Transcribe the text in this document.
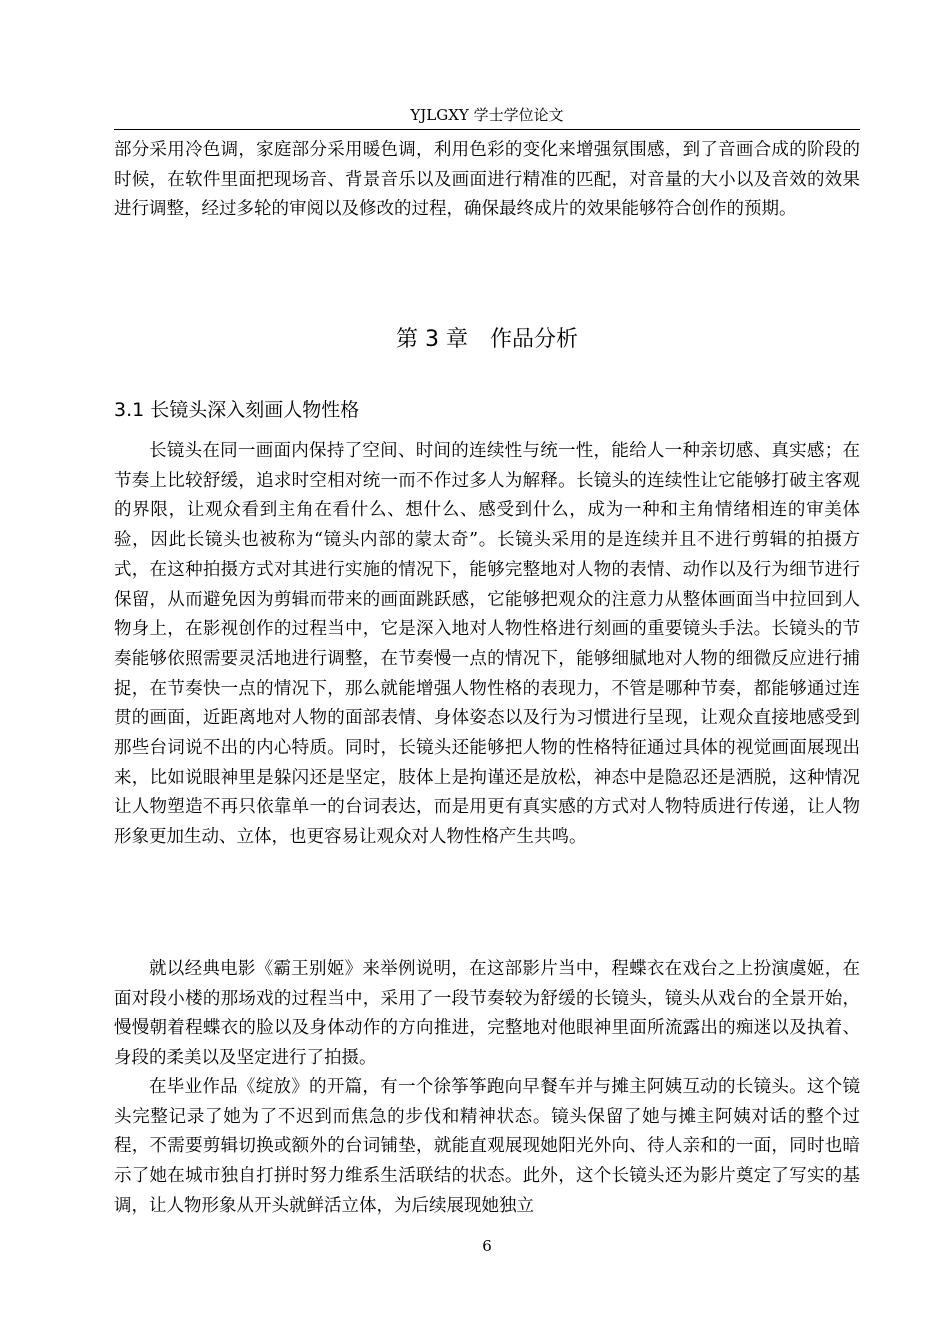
YJLGXY 学士学位论文

部分采用冷色调，家庭部分采用暖色调，利用色彩的变化来增强氛围感，到了音画合成的阶段的时候，在软件里面把现场音、背景音乐以及画面进行精准的匹配，对音量的大小以及音效的效果进行调整，经过多轮的审阅以及修改的过程，确保最终成片的效果能够符合创作的预期。

第 3 章　作品分析
3.1 长镜头深入刻画人物性格

长镜头在同一画面内保持了空间、时间的连续性与统一性，能给人一种亲切感、真实感；在节奏上比较舒缓，追求时空相对统一而不作过多人为解释。长镜头的连续性让它能够打破主客观的界限，让观众看到主角在看什么、想什么、感受到什么，成为一种和主角情绪相连的审美体验，因此长镜头也被称为“镜头内部的蒙太奇”。长镜头采用的是连续并且不进行剪辑的拍摄方式，在这种拍摄方式对其进行实施的情况下，能够完整地对人物的表情、动作以及行为细节进行保留，从而避免因为剪辑而带来的画面跳跃感，它能够把观众的注意力从整体画面当中拉回到人物身上，在影视创作的过程当中，它是深入地对人物性格进行刻画的重要镜头手法。长镜头的节奏能够依照需要灵活地进行调整，在节奏慢一点的情况下，能够细腻地对人物的细微反应进行捕捉，在节奏快一点的情况下，那么就能增强人物性格的表现力，不管是哪种节奏，都能够通过连贯的画面，近距离地对人物的面部表情、身体姿态以及行为习惯进行呈现，让观众直接地感受到那些台词说不出的内心特质。同时，长镜头还能够把人物的性格特征通过具体的视觉画面展现出来，比如说眼神里是躲闪还是坚定，肢体上是拘谨还是放松，神态中是隐忍还是洒脱，这种情况让人物塑造不再只依靠单一的台词表达，而是用更有真实感的方式对人物特质进行传递，让人物形象更加生动、立体，也更容易让观众对人物性格产生共鸣。

就以经典电影《霸王别姬》来举例说明，在这部影片当中，程蝶衣在戏台之上扮演虞姬，在面对段小楼的那场戏的过程当中，采用了一段节奏较为舒缓的长镜头，镜头从戏台的全景开始，慢慢朝着程蝶衣的脸以及身体动作的方向推进，完整地对他眼神里面所流露出的痴迷以及执着、身段的柔美以及坚定进行了拍摄。

在毕业作品《绽放》的开篇，有一个徐筝筝跑向早餐车并与摊主阿姨互动的长镜头。这个镜头完整记录了她为了不迟到而焦急的步伐和精神状态。镜头保留了她与摊主阿姨对话的整个过程，不需要剪辑切换或额外的台词铺垫，就能直观展现她阳光外向、待人亲和的一面，同时也暗示了她在城市独自打拼时努力维系生活联结的状态。此外，这个长镜头还为影片奠定了写实的基调，让人物形象从开头就鲜活立体，为后续展现她独立

6
